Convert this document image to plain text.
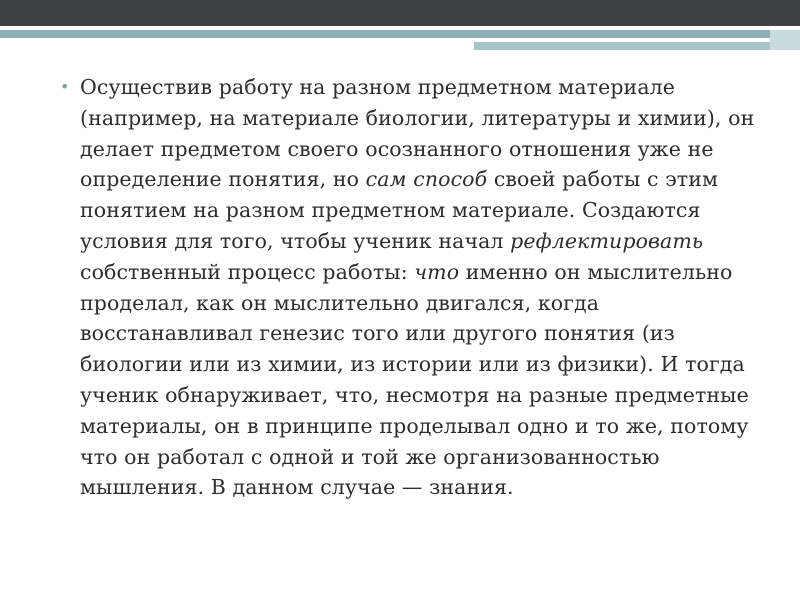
• Осуществив работу на разном предметном материале (например, на материале биологии, литературы и химии), он делает предметом своего осознанного отношения уже не определение понятия, но сам способ своей работы с этим понятием на разном предметном материале. Создаются условия для того, чтобы ученик начал рефлектировать собственный процесс работы: что именно он мыслительно проделал, как он мыслительно двигался, когда восстанавливал генезис того или другого понятия (из биологии или из химии, из истории или из физики). И тогда ученик обнаруживает, что, несмотря на разные предметные материалы, он в принципе проделывал одно и то же, потому что он работал с одной и той же организованностью мышления. В данном случае — знания.
